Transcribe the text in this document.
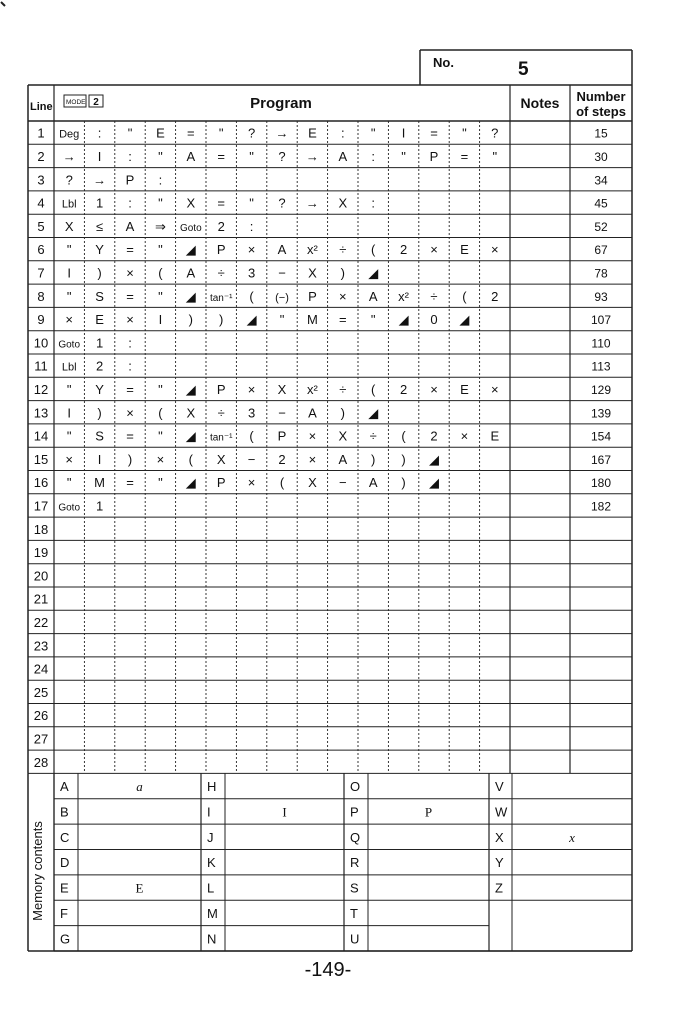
No.	5
Line MODE 2	Program	Notes Number
of steps
1 Deg : " E = " ? → E : " I = " ?	15
2 → I : " A = " ? → A : " P = "	30
3 ? → P :	34
4 Lbl 1 : " X = " ? → X :	45
5 X ≤ A ⇒ Goto 2 :	52
6 " Y = " ◢ P × A x² ÷ ( 2 × E ×	67
7 I ) × ( A ÷ 3 − X ) ◢	78
8 " S = " ◢ tan⁻¹ ( (−) P × A x² ÷ ( 2	93
9 × E × I ) ) ◢ " M = " ◢ 0 ◢	107
10 Goto 1 :	110
11 Lbl 2 :	113
12 " Y = " ◢ P × X x² ÷ ( 2 × E ×	129
13 I ) × ( X ÷ 3 − A ) ◢	139
14 " S = " ◢ tan⁻¹ ( P × X ÷ ( 2 × E	154
15 × I ) × ( X − 2 × A ) ) ◢	167
16 " M = " ◢ P × ( X − A ) ◢	180
17 Goto 1	182
18
19
20
21
22
23
24
25
26
27
28
Memory contents
A	a
B
C
D
E	E
F
G
H
I	I
J
K
L
M
N
O
P	P
Q
R
S
T
U
V
W
X	x
Y
Z
-149-
